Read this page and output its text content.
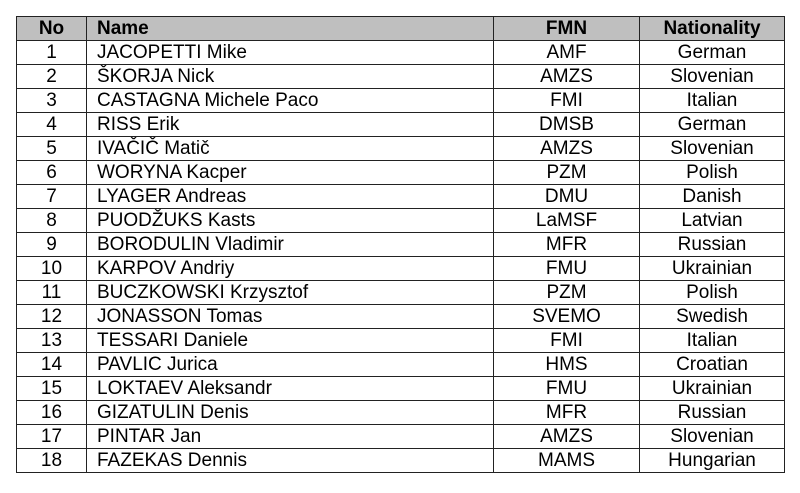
No	Name	FMN	Nationality
1	JACOPETTI Mike	AMF	German
2	ŠKORJA Nick	AMZS	Slovenian
3	CASTAGNA Michele Paco	FMI	Italian
4	RISS Erik	DMSB	German
5	IVAČIČ Matič	AMZS	Slovenian
6	WORYNA Kacper	PZM	Polish
7	LYAGER Andreas	DMU	Danish
8	PUODŽUKS Kasts	LaMSF	Latvian
9	BORODULIN Vladimir	MFR	Russian
10	KARPOV Andriy	FMU	Ukrainian
11	BUCZKOWSKI Krzysztof	PZM	Polish
12	JONASSON Tomas	SVEMO	Swedish
13	TESSARI Daniele	FMI	Italian
14	PAVLIC Jurica	HMS	Croatian
15	LOKTAEV Aleksandr	FMU	Ukrainian
16	GIZATULIN Denis	MFR	Russian
17	PINTAR Jan	AMZS	Slovenian
18	FAZEKAS Dennis	MAMS	Hungarian
